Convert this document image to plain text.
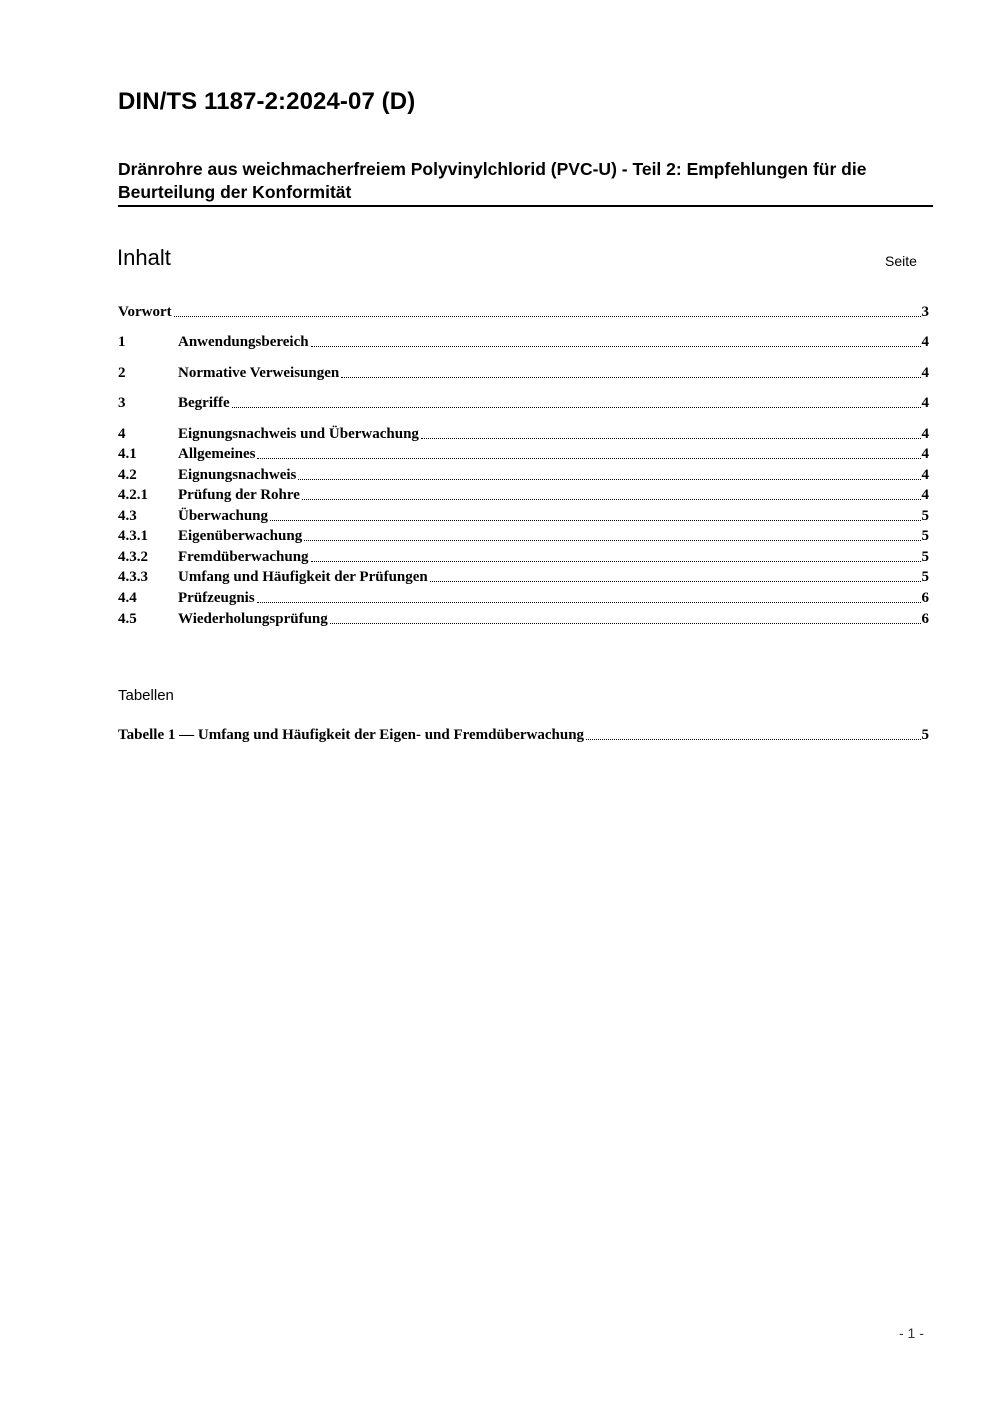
DIN/TS 1187-2:2024-07 (D)
Dränrohre aus weichmacherfreiem Polyvinylchlorid (PVC-U) - Teil 2: Empfehlungen für die Beurteilung der Konformität
Inhalt	Seite
Vorwort	3
1	Anwendungsbereich	4
2	Normative Verweisungen	4
3	Begriffe	4
4	Eignungsnachweis und Überwachung	4
4.1	Allgemeines	4
4.2	Eignungsnachweis	4
4.2.1	Prüfung der Rohre	4
4.3	Überwachung	5
4.3.1	Eigenüberwachung	5
4.3.2	Fremdüberwachung	5
4.3.3	Umfang und Häufigkeit der Prüfungen	5
4.4	Prüfzeugnis	6
4.5	Wiederholungsprüfung	6
Tabellen
Tabelle 1 — Umfang und Häufigkeit der Eigen- und Fremdüberwachung	5
- 1 -
